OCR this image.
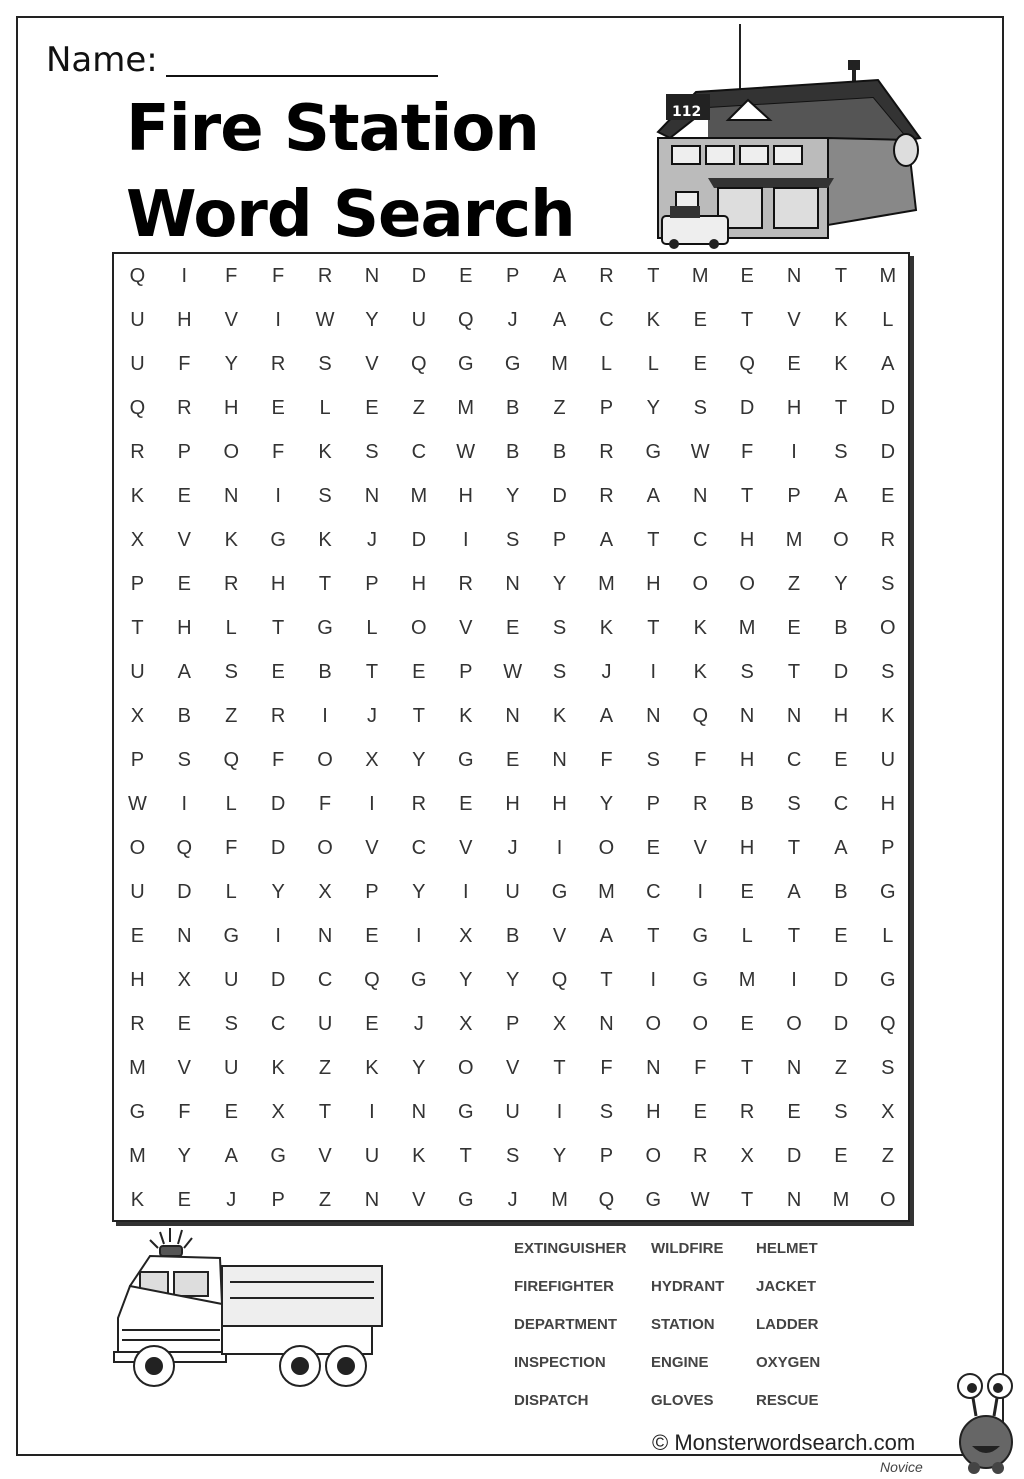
Name:
Fire Station
Word Search
112
Q	I	F	F	R	N	D	E	P	A	R	T	M	E	N	T	M
U	H	V	I	W	Y	U	Q	J	A	C	K	E	T	V	K	L
U	F	Y	R	S	V	Q	G	G	M	L	L	E	Q	E	K	A
Q	R	H	E	L	E	Z	M	B	Z	P	Y	S	D	H	T	D
R	P	O	F	K	S	C	W	B	B	R	G	W	F	I	S	D
K	E	N	I	S	N	M	H	Y	D	R	A	N	T	P	A	E
X	V	K	G	K	J	D	I	S	P	A	T	C	H	M	O	R
P	E	R	H	T	P	H	R	N	Y	M	H	O	O	Z	Y	S
T	H	L	T	G	L	O	V	E	S	K	T	K	M	E	B	O
U	A	S	E	B	T	E	P	W	S	J	I	K	S	T	D	S
X	B	Z	R	I	J	T	K	N	K	A	N	Q	N	N	H	K
P	S	Q	F	O	X	Y	G	E	N	F	S	F	H	C	E	U
W	I	L	D	F	I	R	E	H	H	Y	P	R	B	S	C	H
O	Q	F	D	O	V	C	V	J	I	O	E	V	H	T	A	P
U	D	L	Y	X	P	Y	I	U	G	M	C	I	E	A	B	G
E	N	G	I	N	E	I	X	B	V	A	T	G	L	T	E	L
H	X	U	D	C	Q	G	Y	Y	Q	T	I	G	M	I	D	G
R	E	S	C	U	E	J	X	P	X	N	O	O	E	O	D	Q
M	V	U	K	Z	K	Y	O	V	T	F	N	F	T	N	Z	S
G	F	E	X	T	I	N	G	U	I	S	H	E	R	E	S	X
M	Y	A	G	V	U	K	T	S	Y	P	O	R	X	D	E	Z
K	E	J	P	Z	N	V	G	J	M	Q	G	W	T	N	M	O
EXTINGUISHER WILDFIRE HELMET
FIREFIGHTER HYDRANT JACKET
DEPARTMENT STATION	LADDER
INSPECTION	ENGINE	OXYGEN
DISPATCH	GLOVES	RESCUE
© Monsterwordsearch.com
Novice
